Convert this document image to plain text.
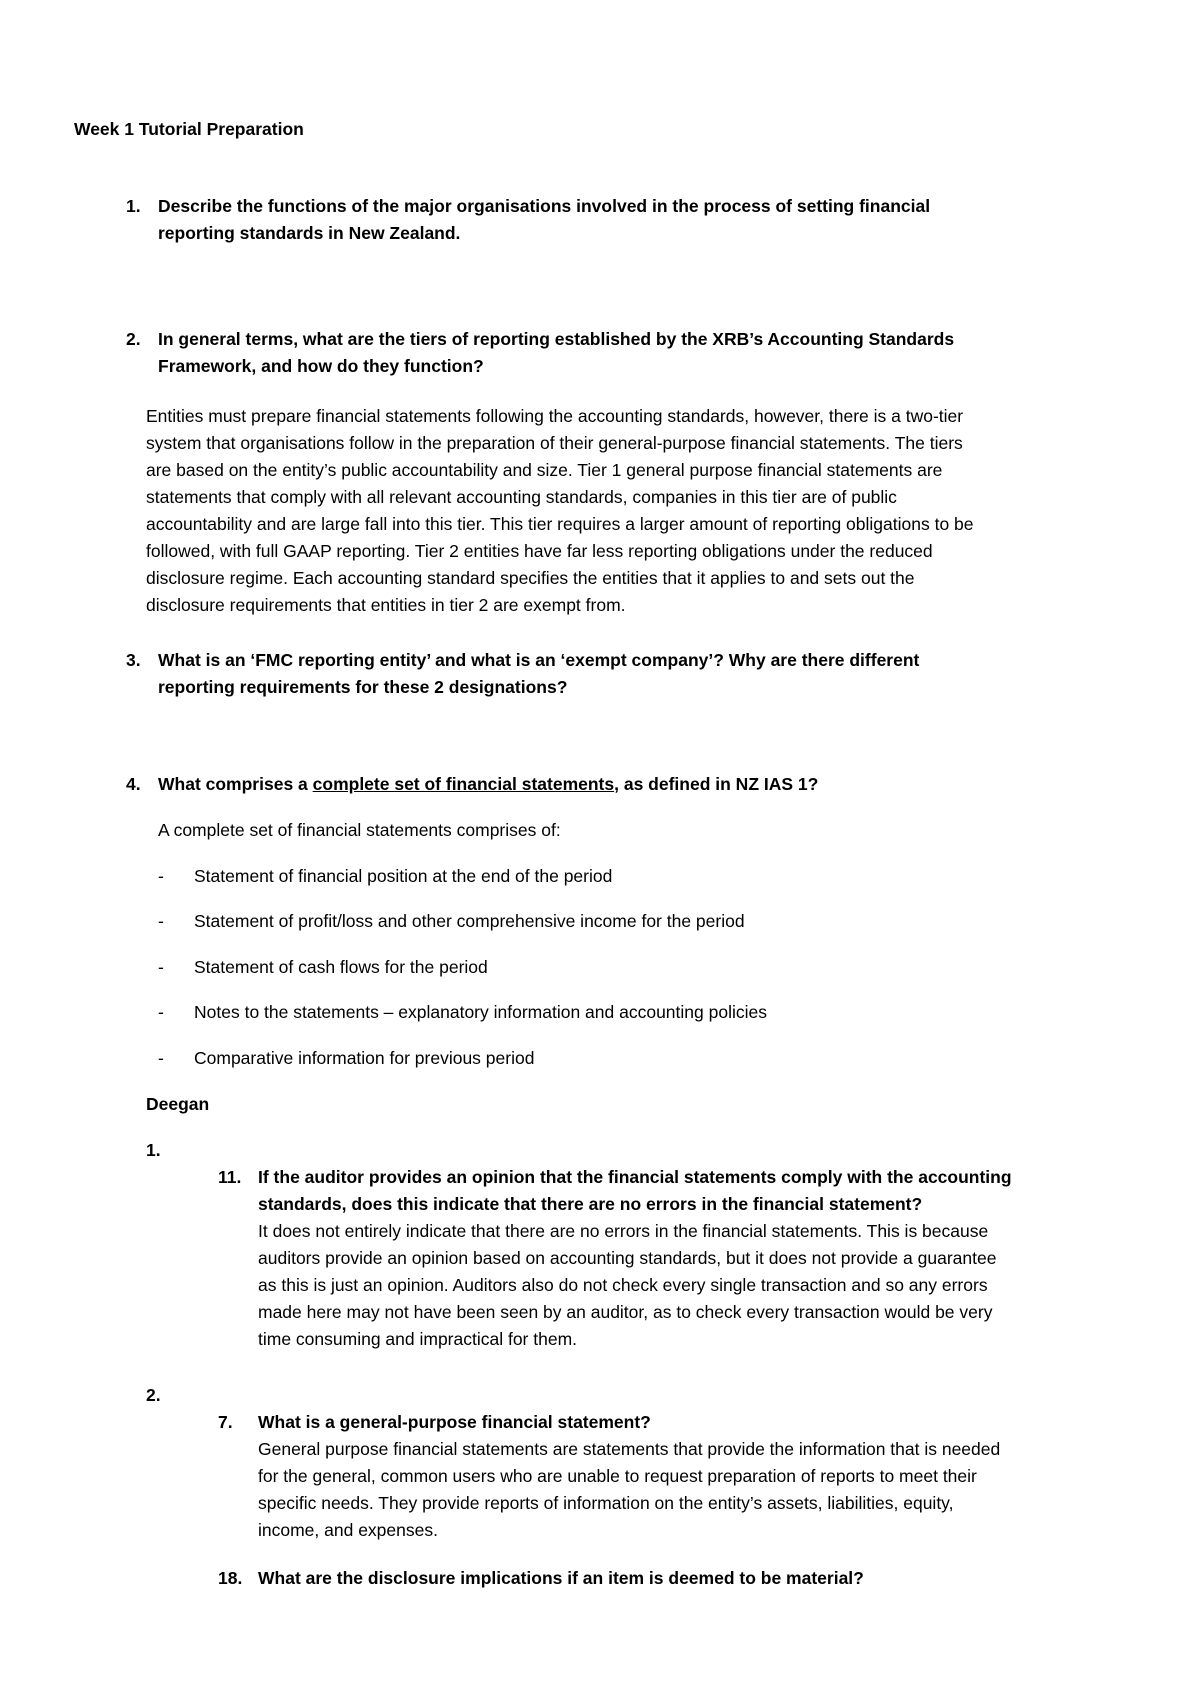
Week 1 Tutorial Preparation
1. Describe the functions of the major organisations involved in the process of setting financial
reporting standards in New Zealand.
2. In general terms, what are the tiers of reporting established by the XRB’s Accounting Standards
Framework, and how do they function?
Entities must prepare financial statements following the accounting standards, however, there is a two-tier
system that organisations follow in the preparation of their general-purpose financial statements. The tiers
are based on the entity’s public accountability and size. Tier 1 general purpose financial statements are
statements that comply with all relevant accounting standards, companies in this tier are of public
accountability and are large fall into this tier. This tier requires a larger amount of reporting obligations to be
followed, with full GAAP reporting. Tier 2 entities have far less reporting obligations under the reduced
disclosure regime. Each accounting standard specifies the entities that it applies to and sets out the
disclosure requirements that entities in tier 2 are exempt from.
3. What is an ‘FMC reporting entity’ and what is an ‘exempt company’? Why are there different
reporting requirements for these 2 designations?
4. What comprises a complete set of financial statements, as defined in NZ IAS 1?
A complete set of financial statements comprises of:
- Statement of financial position at the end of the period
- Statement of profit/loss and other comprehensive income for the period
- Statement of cash flows for the period
- Notes to the statements – explanatory information and accounting policies
- Comparative information for previous period
Deegan
1.
11. If the auditor provides an opinion that the financial statements comply with the accounting
standards, does this indicate that there are no errors in the financial statement?
It does not entirely indicate that there are no errors in the financial statements. This is because
auditors provide an opinion based on accounting standards, but it does not provide a guarantee
as this is just an opinion. Auditors also do not check every single transaction and so any errors
made here may not have been seen by an auditor, as to check every transaction would be very
time consuming and impractical for them.
2.
7. What is a general-purpose financial statement?
General purpose financial statements are statements that provide the information that is needed
for the general, common users who are unable to request preparation of reports to meet their
specific needs. They provide reports of information on the entity’s assets, liabilities, equity,
income, and expenses.
18. What are the disclosure implications if an item is deemed to be material?
